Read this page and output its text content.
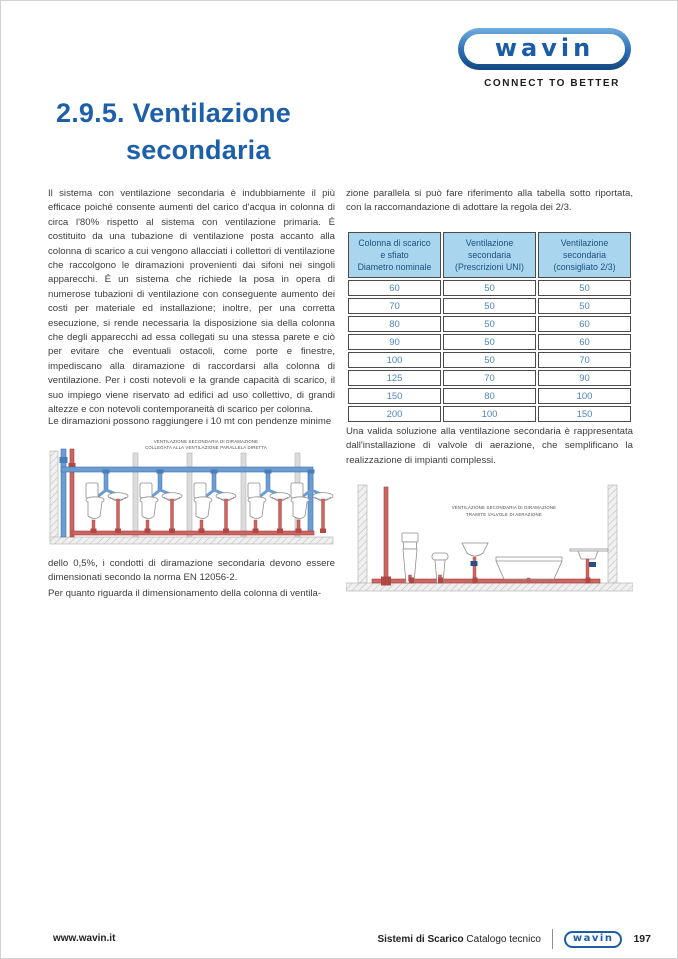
wavin
CONNECT TO BETTER
2.9.5. Ventilazione
secondaria
Il sistema con ventilazione secondaria è indubbiamente il più efficace poiché consente aumenti del carico d'acqua in colonna di circa l'80% rispetto al sistema con ventilazione primaria. É costituito da una tubazione di ventilazione posta accanto alla colonna di scarico a cui vengono allacciati i collettori di ventilazione che raccolgono le diramazioni provenienti dai sifoni nei singoli apparecchi. É un sistema che richiede la posa in opera di numerose tubazioni di ventilazione con conseguente aumento dei costi per materiale ed installazione; inoltre, per una corretta esecuzione, si rende necessaria la disposizione sia della colonna che degli apparecchi ad essa collegati su una stessa parete e ciò per evitare che eventuali ostacoli, come porte e finestre, impediscano alla diramazione di raccordarsi alla colonna di ventilazione. Per i costi notevoli e la grande capacità di scarico, il suo impiego viene riservato ad edifici ad uso collettivo, di grandi altezze e con notevoli contemporaneità di scarico per colonna.
Le diramazioni possono raggiungere i 10 mt con pendenze minime
VENTILAZIONE SECONDARIA DI DIRAMAZIONE
COLLEGATA ALLA VENTILAZIONE PARALLELA DIRETTA
dello 0,5%, i condotti di diramazione secondaria devono essere dimensionati secondo la norma EN 12056-2.
Per quanto riguarda il dimensionamento della colonna di ventila-
zione parallela si può fare riferimento alla tabella sotto riportata, con la raccomandazione di adottare la regola dei 2/3.
Colonna di scarico
e sfiato
Diametro nominale

Ventilazione
secondaria
(Prescrizioni UNI)

Ventilazione
secondaria
(consigliato 2/3)

60	50	50
70	50	50
80	50	60
90	50	60
100	50	70
125	70	90
150	80	100
200	100	150
Una valida soluzione alla ventilazione secondaria è rappresentata dall'installazione di valvole di aerazione, che semplificano la realizzazione di impianti complessi.
VENTILAZIONE SECONDARIA DI DIRAMAZIONE
TRAMITE VALVOLE DI AERAZIONE
www.wavin.it	Sistemi di Scarico Catalogo tecnico	wavin	197
